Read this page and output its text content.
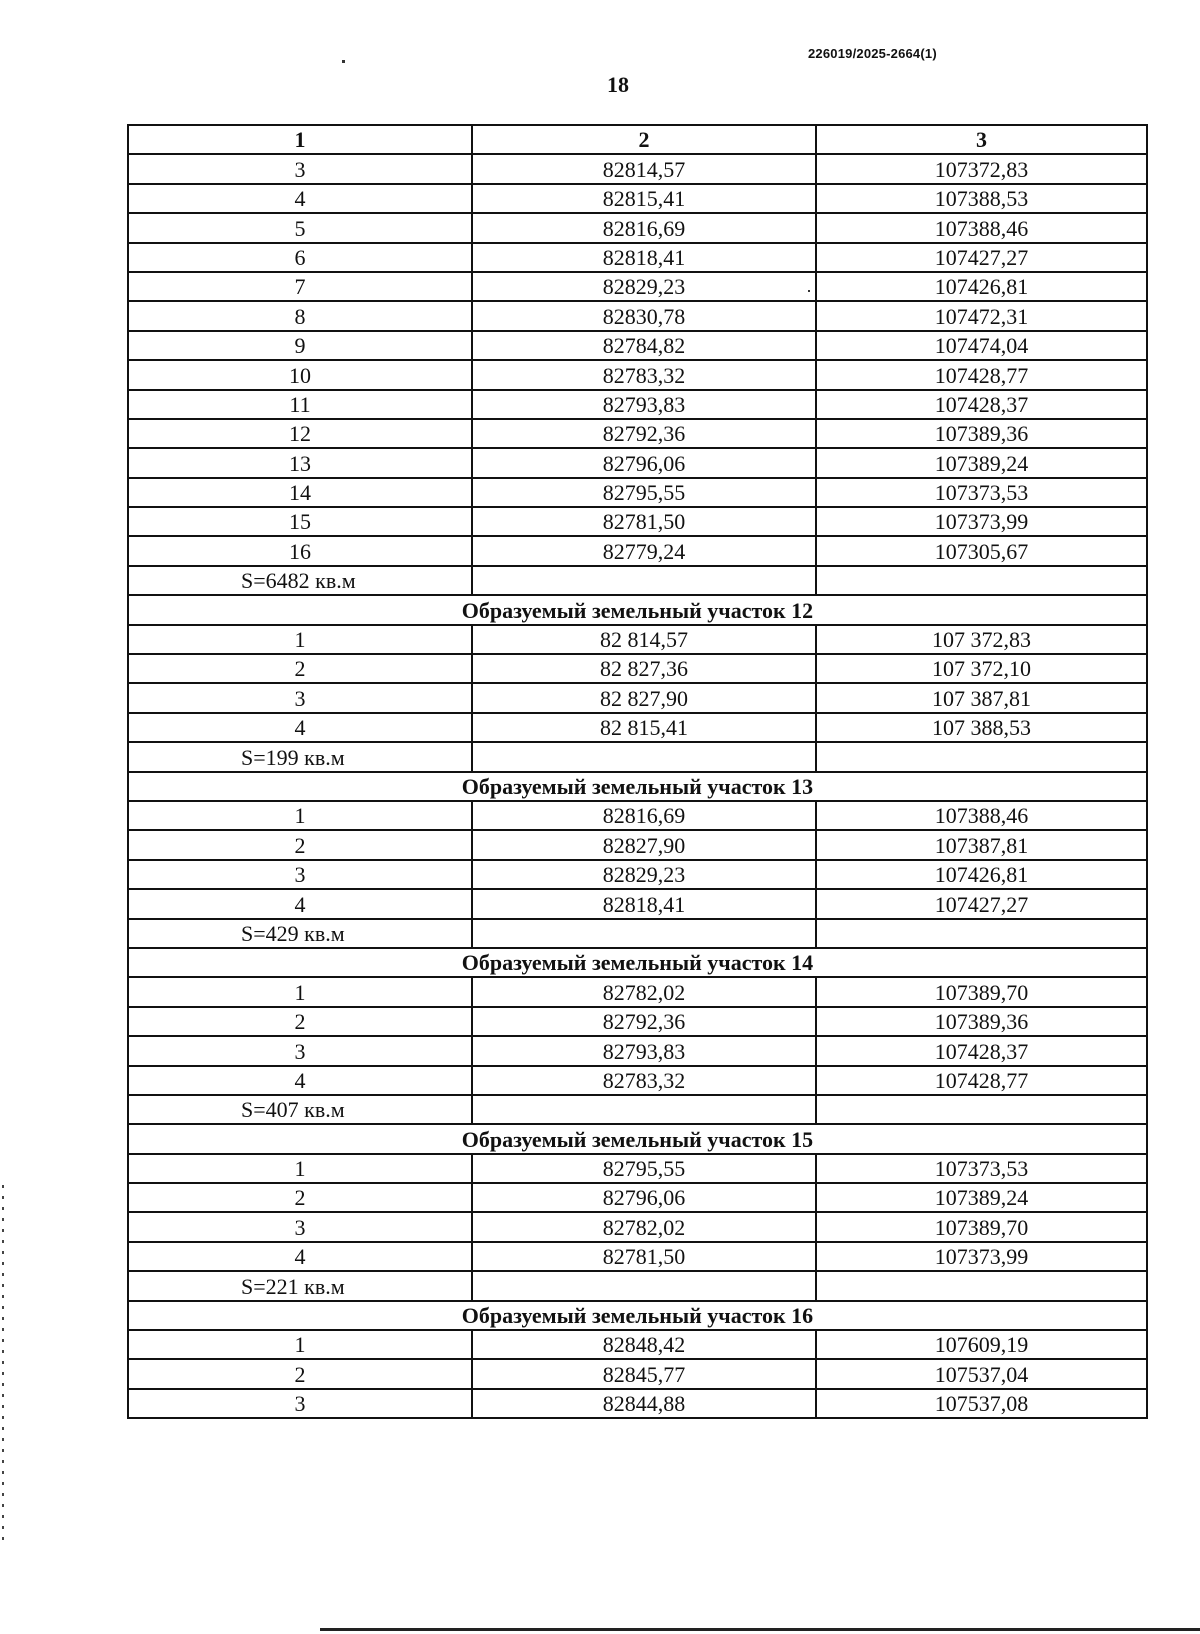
226019/2025-2664(1)
18
1	2	3
3	82814,57	107372,83
4	82815,41	107388,53
5	82816,69	107388,46
6	82818,41	107427,27
7	82829,23	107426,81
8	82830,78	107472,31
9	82784,82	107474,04
10	82783,32	107428,77
11	82793,83	107428,37
12	82792,36	107389,36
13	82796,06	107389,24
14	82795,55	107373,53
15	82781,50	107373,99
16	82779,24	107305,67
S=6482 кв.м		
Образуемый земельный участок 12		
1	82 814,57	107 372,83
2	82 827,36	107 372,10
3	82 827,90	107 387,81
4	82 815,41	107 388,53
S=199 кв.м		
Образуемый земельный участок 13		
1	82816,69	107388,46
2	82827,90	107387,81
3	82829,23	107426,81
4	82818,41	107427,27
S=429 кв.м		
Образуемый земельный участок 14		
1	82782,02	107389,70
2	82792,36	107389,36
3	82793,83	107428,37
4	82783,32	107428,77
S=407 кв.м		
Образуемый земельный участок 15		
1	82795,55	107373,53
2	82796,06	107389,24
3	82782,02	107389,70
4	82781,50	107373,99
S=221 кв.м		
Образуемый земельный участок 16		
1	82848,42	107609,19
2	82845,77	107537,04
3	82844,88	107537,08
